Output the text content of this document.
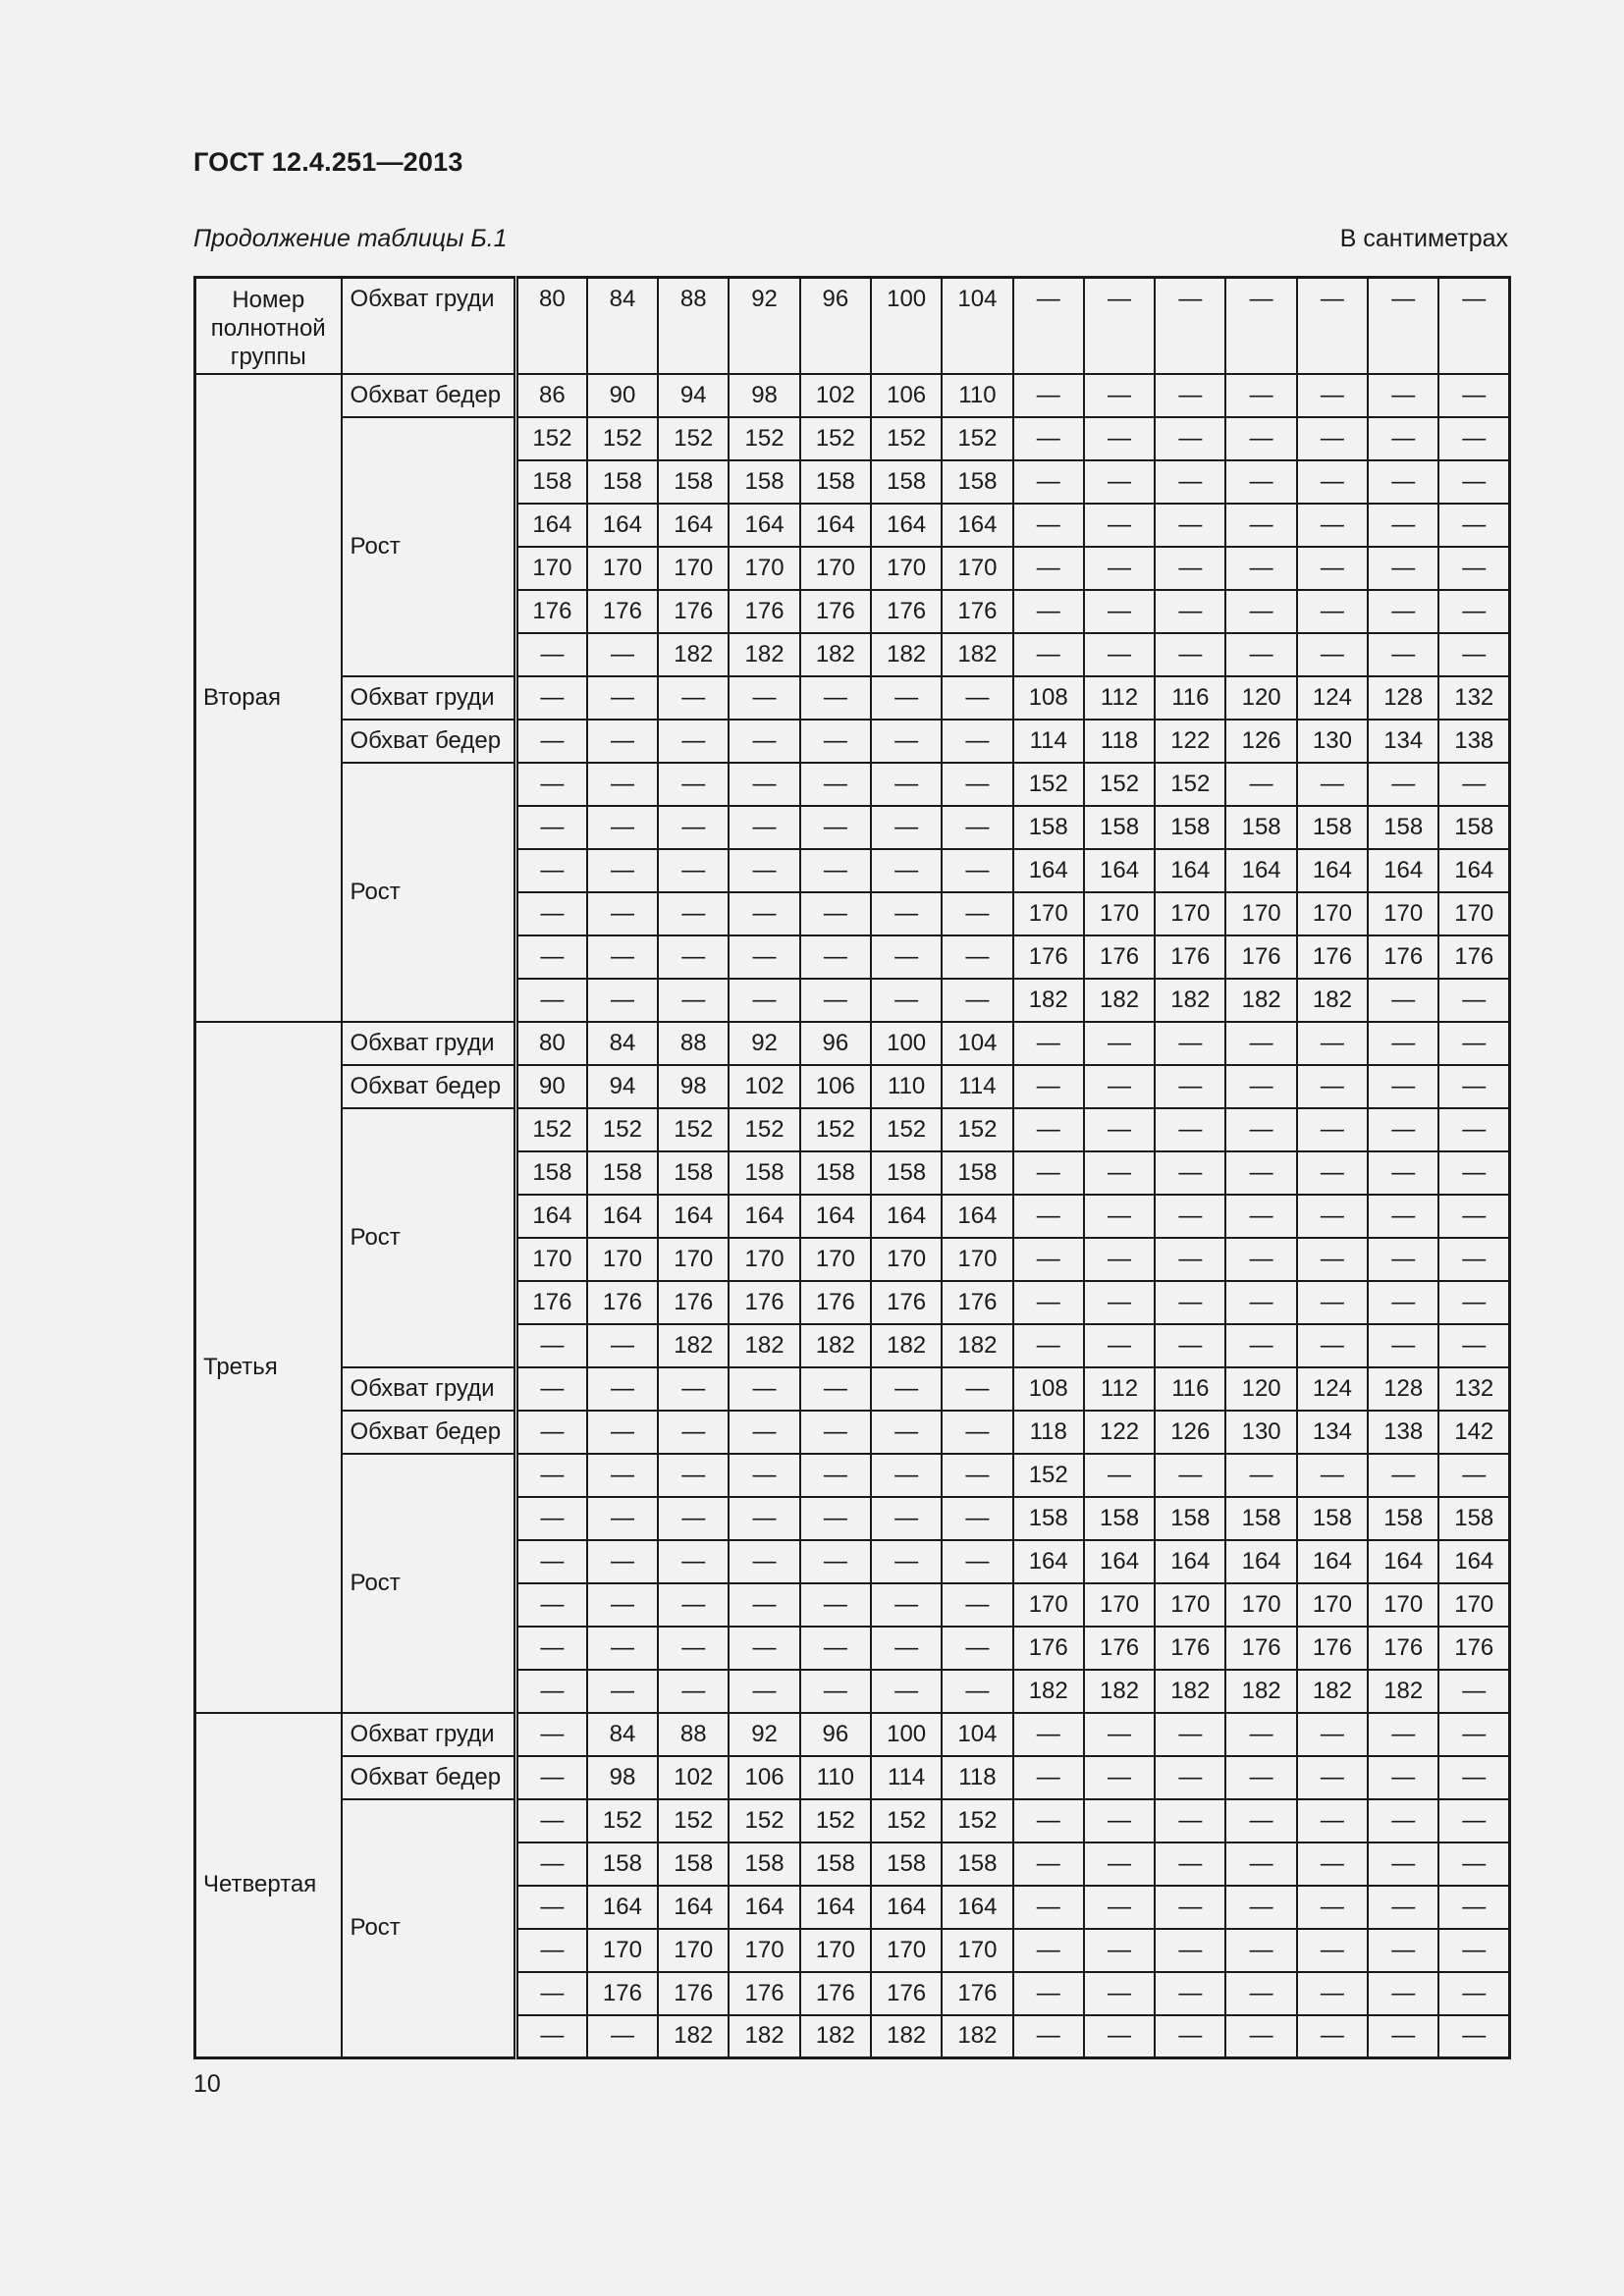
ГОСТ 12.4.251—2013
Продолжение таблицы Б.1	В сантиметрах
Номер полнотной группы	Обхват груди	80	84	88	92	96	100	104	—	—	—	—	—	—	—
Вторая	Обхват бедер	86	90	94	98	102	106	110	—	—	—	—	—	—	—
	Рост	152	152	152	152	152	152	152	—	—	—	—	—	—	—
		158	158	158	158	158	158	158	—	—	—	—	—	—	—
		164	164	164	164	164	164	164	—	—	—	—	—	—	—
		170	170	170	170	170	170	170	—	—	—	—	—	—	—
		176	176	176	176	176	176	176	—	—	—	—	—	—	—
		—	—	182	182	182	182	182	—	—	—	—	—	—	—
	Обхват груди	—	—	—	—	—	—	—	108	112	116	120	124	128	132
	Обхват бедер	—	—	—	—	—	—	—	114	118	122	126	130	134	138
	Рост	—	—	—	—	—	—	—	152	152	152	—	—	—	—
		—	—	—	—	—	—	—	158	158	158	158	158	158	158
		—	—	—	—	—	—	—	164	164	164	164	164	164	164
		—	—	—	—	—	—	—	170	170	170	170	170	170	170
		—	—	—	—	—	—	—	176	176	176	176	176	176	176
		—	—	—	—	—	—	—	182	182	182	182	182	—	—
Третья	Обхват груди	80	84	88	92	96	100	104	—	—	—	—	—	—	—
	Обхват бедер	90	94	98	102	106	110	114	—	—	—	—	—	—	—
	Рост	152	152	152	152	152	152	152	—	—	—	—	—	—	—
		158	158	158	158	158	158	158	—	—	—	—	—	—	—
		164	164	164	164	164	164	164	—	—	—	—	—	—	—
		170	170	170	170	170	170	170	—	—	—	—	—	—	—
		176	176	176	176	176	176	176	—	—	—	—	—	—	—
		—	—	182	182	182	182	182	—	—	—	—	—	—	—
	Обхват груди	—	—	—	—	—	—	—	108	112	116	120	124	128	132
	Обхват бедер	—	—	—	—	—	—	—	118	122	126	130	134	138	142
	Рост	—	—	—	—	—	—	—	152	—	—	—	—	—	—
		—	—	—	—	—	—	—	158	158	158	158	158	158	158
		—	—	—	—	—	—	—	164	164	164	164	164	164	164
		—	—	—	—	—	—	—	170	170	170	170	170	170	170
		—	—	—	—	—	—	—	176	176	176	176	176	176	176
		—	—	—	—	—	—	—	182	182	182	182	182	182	—
Четвертая	Обхват груди	—	84	88	92	96	100	104	—	—	—	—	—	—	—
	Обхват бедер	—	98	102	106	110	114	118	—	—	—	—	—	—	—
	Рост	—	152	152	152	152	152	152	—	—	—	—	—	—	—
		—	158	158	158	158	158	158	—	—	—	—	—	—	—
		—	164	164	164	164	164	164	—	—	—	—	—	—	—
		—	170	170	170	170	170	170	—	—	—	—	—	—	—
		—	176	176	176	176	176	176	—	—	—	—	—	—	—
		—	—	182	182	182	182	182	—	—	—	—	—	—	—
10
